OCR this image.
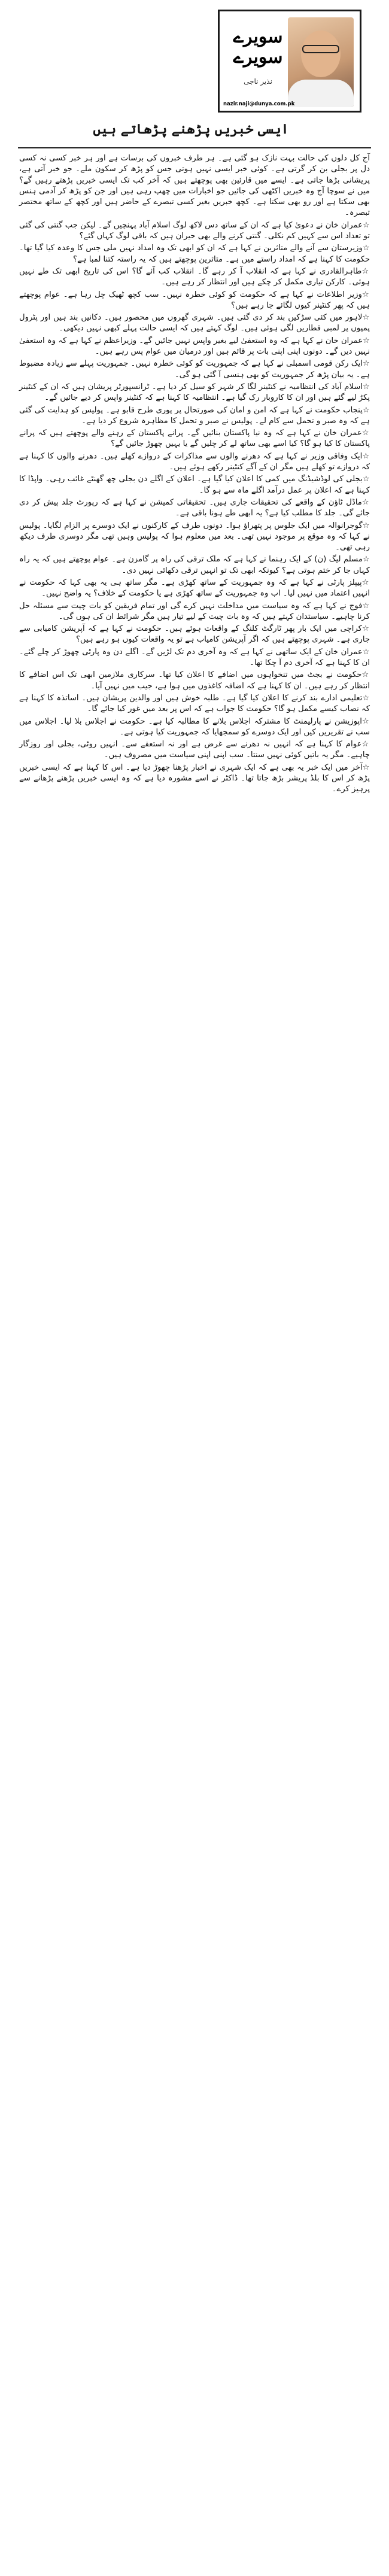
سویرے
سویرے
نذیر ناجی
nazir.naji@dunya.com.pk
ایسی خبریں پڑھنے پڑھاتے ہیں

آج کل دلوں کی حالت بہت نازک ہو گئی ہے۔ ہر طرف خبروں کی برسات ہے اور ہر خبر کسی نہ کسی دل پر بجلی بن کر گرتی ہے۔ کوئی خبر ایسی نہیں ہوتی جس کو پڑھ کر سکون ملے۔ جو خبر آتی ہے، پریشانی بڑھا جاتی ہے۔ ایسے میں قارئین بھی پوچھتے ہیں کہ آخر کب تک ایسی خبریں پڑھتے رہیں گے؟ میں نے سوچا آج وہ خبریں اکٹھی کی جائیں جو اخبارات میں چھپ رہی ہیں اور جن کو پڑھ کر آدمی ہنس بھی سکتا ہے اور رو بھی سکتا ہے۔ کچھ خبریں بغیر کسی تبصرے کے حاضر ہیں اور کچھ کے ساتھ مختصر تبصرہ۔

☆عمران خان نے دعویٰ کیا ہے کہ ان کے ساتھ دس لاکھ لوگ اسلام آباد پہنچیں گے۔ لیکن جب گنتی کی گئی تو تعداد اس سے کہیں کم نکلی۔ گنتی کرنے والے بھی حیران ہیں کہ باقی لوگ کہاں گئے؟

☆وزیرستان سے آنے والے متاثرین نے کہا ہے کہ ان کو ابھی تک وہ امداد نہیں ملی جس کا وعدہ کیا گیا تھا۔ حکومت کا کہنا ہے کہ امداد راستے میں ہے۔ متاثرین پوچھتے ہیں کہ یہ راستہ کتنا لمبا ہے؟

☆طاہرالقادری نے کہا ہے کہ انقلاب آ کر رہے گا۔ انقلاب کب آئے گا؟ اس کی تاریخ ابھی تک طے نہیں ہوئی۔ کارکن تیاری مکمل کر چکے ہیں اور انتظار کر رہے ہیں۔

☆وزیر اطلاعات نے کہا ہے کہ حکومت کو کوئی خطرہ نہیں۔ سب کچھ ٹھیک چل رہا ہے۔ عوام پوچھتے ہیں کہ پھر کنٹینر کیوں لگائے جا رہے ہیں؟

☆لاہور میں کئی سڑکیں بند کر دی گئی ہیں۔ شہری گھروں میں محصور ہیں۔ دکانیں بند ہیں اور پٹرول پمپوں پر لمبی قطاریں لگی ہوئی ہیں۔ لوگ کہتے ہیں کہ ایسی حالت پہلے کبھی نہیں دیکھی۔

☆عمران خان نے کہا ہے کہ وہ استعفیٰ لیے بغیر واپس نہیں جائیں گے۔ وزیراعظم نے کہا ہے کہ وہ استعفیٰ نہیں دیں گے۔ دونوں اپنی اپنی بات پر قائم ہیں اور درمیان میں عوام پس رہے ہیں۔

☆ایک رکن قومی اسمبلی نے کہا ہے کہ جمہوریت کو کوئی خطرہ نہیں۔ جمہوریت پہلے سے زیادہ مضبوط ہے۔ یہ بیان پڑھ کر جمہوریت کو بھی ہنسی آ گئی ہو گی۔

☆اسلام آباد کی انتظامیہ نے کنٹینر لگا کر شہر کو سیل کر دیا ہے۔ ٹرانسپورٹر پریشان ہیں کہ ان کے کنٹینر پکڑ لیے گئے ہیں اور ان کا کاروبار رک گیا ہے۔ انتظامیہ کا کہنا ہے کہ کنٹینر واپس کر دیے جائیں گے۔

☆پنجاب حکومت نے کہا ہے کہ امن و امان کی صورتحال پر پوری طرح قابو ہے۔ پولیس کو ہدایت کی گئی ہے کہ وہ صبر و تحمل سے کام لے۔ پولیس نے صبر و تحمل کا مظاہرہ شروع کر دیا ہے۔

☆عمران خان نے کہا ہے کہ وہ نیا پاکستان بنائیں گے۔ پرانے پاکستان کے رہنے والے پوچھتے ہیں کہ پرانے پاکستان کا کیا ہو گا؟ کیا اسے بھی ساتھ لے کر چلیں گے یا یہیں چھوڑ جائیں گے؟

☆ایک وفاقی وزیر نے کہا ہے کہ دھرنے والوں سے مذاکرات کے دروازے کھلے ہیں۔ دھرنے والوں کا کہنا ہے کہ دروازے تو کھلے ہیں مگر ان کے آگے کنٹینر رکھے ہوئے ہیں۔

☆بجلی کی لوڈشیڈنگ میں کمی کا اعلان کیا گیا ہے۔ اعلان کے اگلے دن بجلی چھ گھنٹے غائب رہی۔ واپڈا کا کہنا ہے کہ اعلان پر عمل درآمد اگلے ماہ سے ہو گا۔

☆ماڈل ٹاؤن کے واقعے کی تحقیقات جاری ہیں۔ تحقیقاتی کمیشن نے کہا ہے کہ رپورٹ جلد پیش کر دی جائے گی۔ جلد کا مطلب کیا ہے؟ یہ ابھی طے ہونا باقی ہے۔

☆گوجرانوالہ میں ایک جلوس پر پتھراؤ ہوا۔ دونوں طرف کے کارکنوں نے ایک دوسرے پر الزام لگایا۔ پولیس نے کہا کہ وہ موقع پر موجود نہیں تھی۔ بعد میں معلوم ہوا کہ پولیس وہیں تھی مگر دوسری طرف دیکھ رہی تھی۔

☆مسلم لیگ (ن) کے ایک رہنما نے کہا ہے کہ ملک ترقی کی راہ پر گامزن ہے۔ عوام پوچھتے ہیں کہ یہ راہ کہاں جا کر ختم ہوتی ہے؟ کیونکہ ابھی تک تو انہیں ترقی دکھائی نہیں دی۔

☆پیپلز پارٹی نے کہا ہے کہ وہ جمہوریت کے ساتھ کھڑی ہے۔ مگر ساتھ ہی یہ بھی کہا کہ حکومت نے انہیں اعتماد میں نہیں لیا۔ اب وہ جمہوریت کے ساتھ کھڑی ہے یا حکومت کے خلاف؟ یہ واضح نہیں۔

☆فوج نے کہا ہے کہ وہ سیاست میں مداخلت نہیں کرے گی اور تمام فریقین کو بات چیت سے مسئلہ حل کرنا چاہیے۔ سیاستدان کہتے ہیں کہ وہ بات چیت کے لیے تیار ہیں مگر شرائط ان کی ہوں گی۔

☆کراچی میں ایک بار پھر ٹارگٹ کلنگ کے واقعات ہوئے ہیں۔ حکومت نے کہا ہے کہ آپریشن کامیابی سے جاری ہے۔ شہری پوچھتے ہیں کہ اگر آپریشن کامیاب ہے تو یہ واقعات کیوں ہو رہے ہیں؟

☆عمران خان کے ایک ساتھی نے کہا ہے کہ وہ آخری دم تک لڑیں گے۔ اگلے دن وہ پارٹی چھوڑ کر چلے گئے۔ ان کا کہنا ہے کہ آخری دم آ چکا تھا۔

☆حکومت نے بجٹ میں تنخواہوں میں اضافے کا اعلان کیا تھا۔ سرکاری ملازمین ابھی تک اس اضافے کا انتظار کر رہے ہیں۔ ان کا کہنا ہے کہ اضافہ کاغذوں میں ہوا ہے، جیب میں نہیں آیا۔

☆تعلیمی ادارے بند کرنے کا اعلان کیا گیا ہے۔ طلبہ خوش ہیں اور والدین پریشان ہیں۔ اساتذہ کا کہنا ہے کہ نصاب کیسے مکمل ہو گا؟ حکومت کا جواب ہے کہ اس پر بعد میں غور کیا جائے گا۔

☆اپوزیشن نے پارلیمنٹ کا مشترکہ اجلاس بلانے کا مطالبہ کیا ہے۔ حکومت نے اجلاس بلا لیا۔ اجلاس میں سب نے تقریریں کیں اور ایک دوسرے کو سمجھایا کہ جمہوریت کیا ہوتی ہے۔

☆عوام کا کہنا ہے کہ انہیں نہ دھرنے سے غرض ہے اور نہ استعفے سے۔ انہیں روٹی، بجلی اور روزگار چاہیے۔ مگر یہ باتیں کوئی نہیں سنتا۔ سب اپنی اپنی سیاست میں مصروف ہیں۔

☆آخر میں ایک خبر یہ بھی ہے کہ ایک شہری نے اخبار پڑھنا چھوڑ دیا ہے۔ اس کا کہنا ہے کہ ایسی خبریں پڑھ کر اس کا بلڈ پریشر بڑھ جاتا تھا۔ ڈاکٹر نے اسے مشورہ دیا ہے کہ وہ ایسی خبریں پڑھنے پڑھانے سے پرہیز کرے۔
